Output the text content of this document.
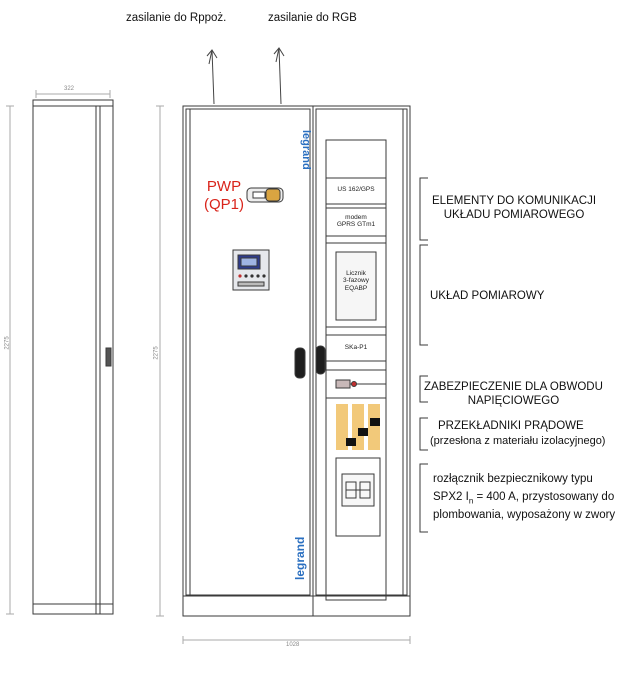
zasilanie do Rppoż.	zasilanie do RGB
PWP
(QP1)
US 162/GPS
modem
GPRS GTm1
Licznik
3-fazowy
EQABP
SKa-P1
legrand
legrand
322
2275
2275
1028
ELEMENTY DO KOMUNIKACJI
UKŁADU POMIAROWEGO
UKŁAD POMIAROWY
ZABEZPIECZENIE DLA OBWODU
NAPIĘCIOWEGO
PRZEKŁADNIKI PRĄDOWE
(przesłona z materiału izolacyjnego)
rozłącznik bezpiecznikowy typu
SPX2 $I_n = 400$ A, przystosowany do
plombowania, wyposażony w zwory
